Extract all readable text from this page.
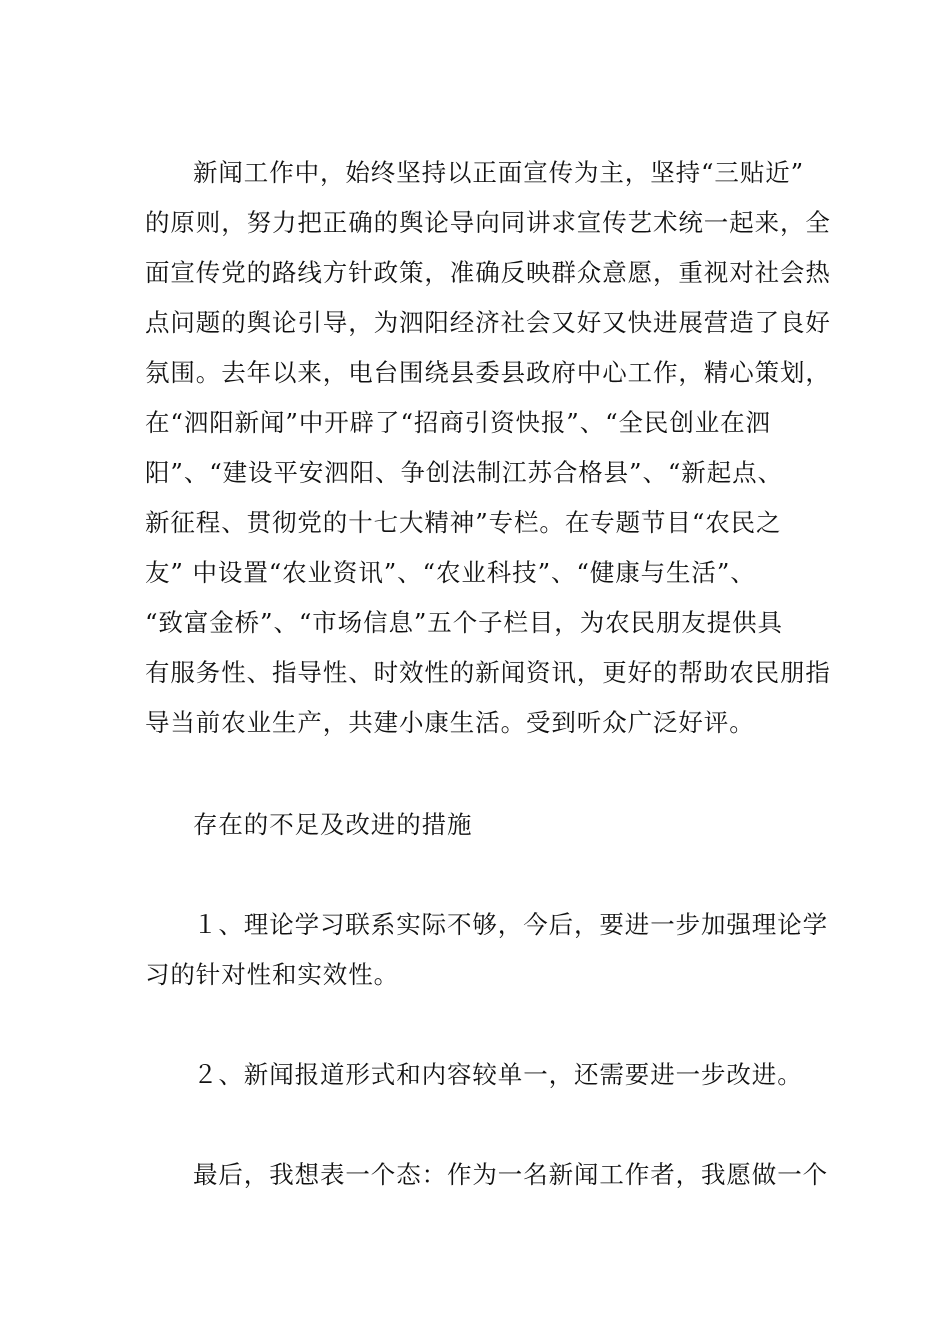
新闻工作中，始终坚持以正面宣传为主，坚持“三贴近”
的原则，努力把正确的舆论导向同讲求宣传艺术统一起来，全
面宣传党的路线方针政策，准确反映群众意愿，重视对社会热
点问题的舆论引导，为泗阳经济社会又好又快进展营造了良好
氛围。去年以来，电台围绕县委县政府中心工作，精心策划，
在“泗阳新闻”中开辟了“招商引资快报”、“全民创业在泗
阳”、“建设平安泗阳、争创法制江苏合格县”、“新起点、
新征程、贯彻党的十七大精神”专栏。在专题节目“农民之
友” 中设置“农业资讯”、“农业科技”、“健康与生活”、
“致富金桥”、“市场信息”五个子栏目，为农民朋友提供具
有服务性、指导性、时效性的新闻资讯，更好的帮助农民朋指
导当前农业生产，共建小康生活。受到听众广泛好评。
存在的不足及改进的措施
１、理论学习联系实际不够，今后，要进一步加强理论学
习的针对性和实效性。
２、新闻报道形式和内容较单一，还需要进一步改进。
最后，我想表一个态：作为一名新闻工作者，我愿做一个
